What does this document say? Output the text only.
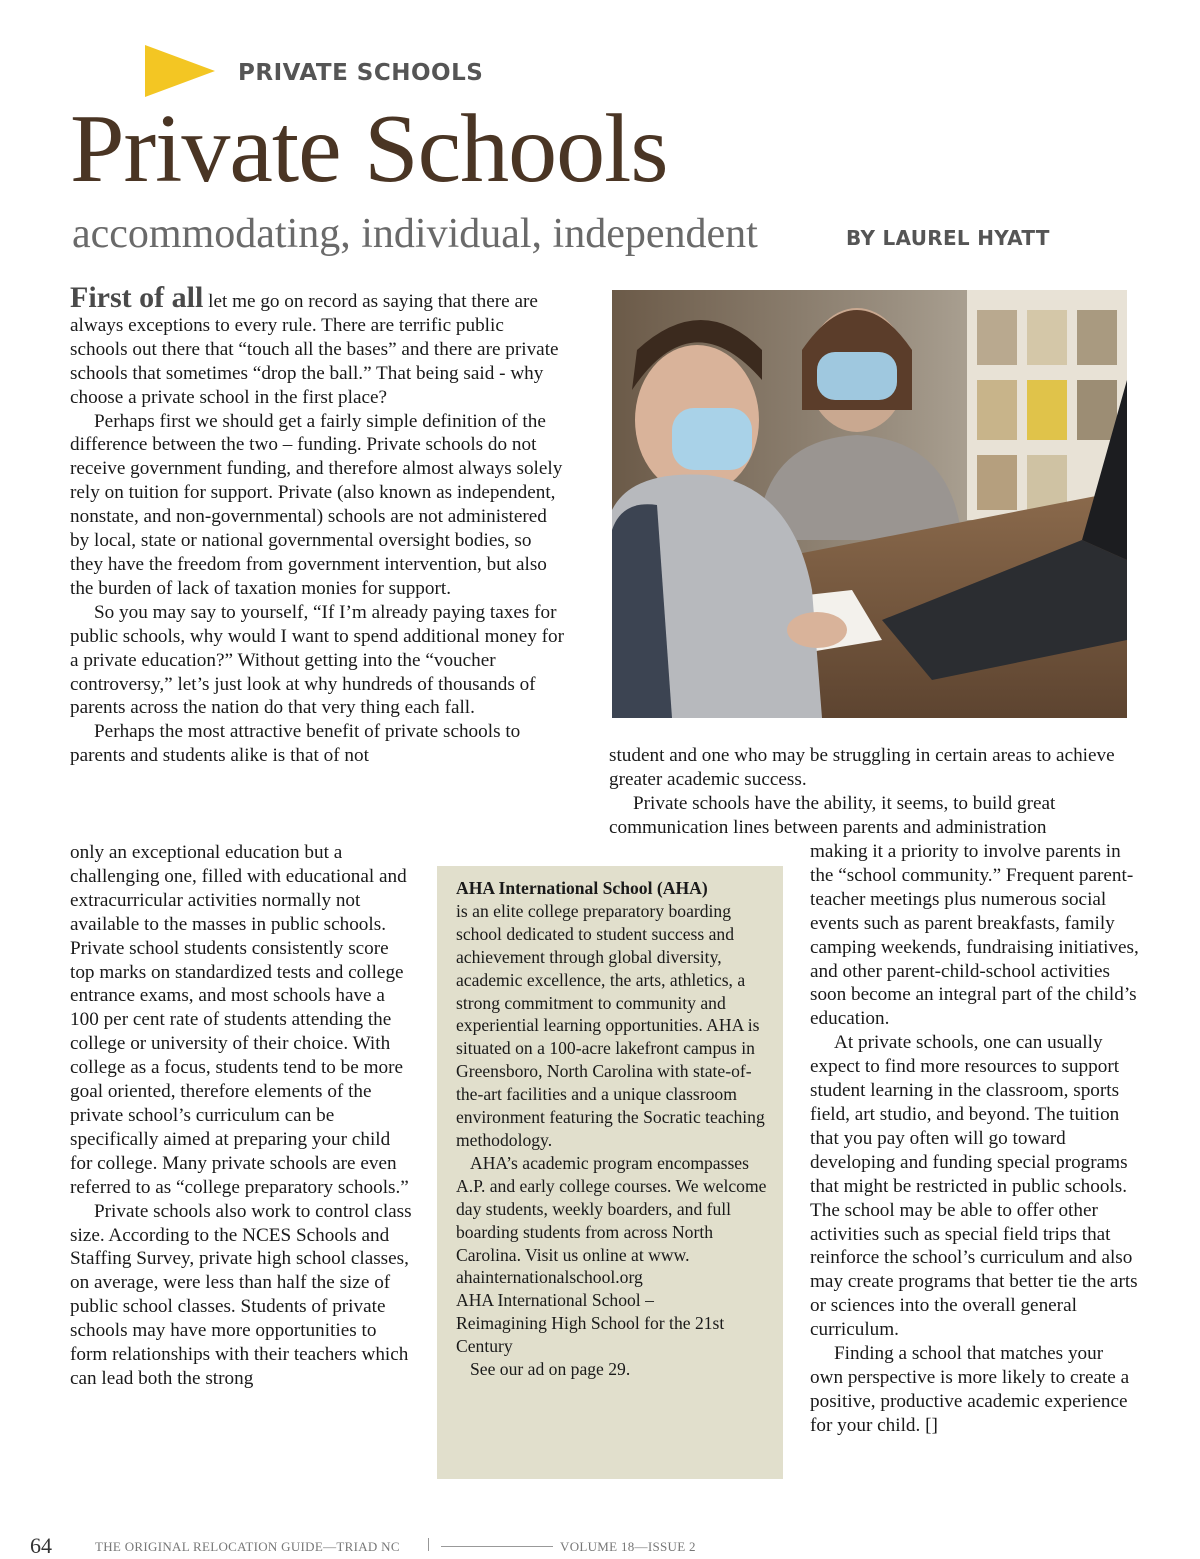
PRIVATE SCHOOLS
Private Schools
accommodating, individual, independent	BY LAUREL HYATT

First of all let me go on record as saying that there are always exceptions to every rule. There are terrific public schools out there that “touch all the bases” and there are private schools that sometimes “drop the ball.” That being said - why choose a private school in the first place?

Perhaps first we should get a fairly simple definition of the difference between the two – funding. Private schools do not receive government funding, and therefore almost always solely rely on tuition for support. Private (also known as independent, nonstate, and non-governmental) schools are not administered by local, state or national governmental oversight bodies, so they have the freedom from government intervention, but also the burden of lack of taxation monies for support.

So you may say to yourself, “If I’m already paying taxes for public schools, why would I want to spend additional money for a private education?” Without getting into the “voucher controversy,” let’s just look at why hundreds of thousands of parents across the nation do that very thing each fall.

Perhaps the most attractive benefit of private schools to parents and students alike is that of not

only an exceptional education but a challenging one, filled with educational and extracurricular activities normally not available to the masses in public schools. Private school students consistently score top marks on standardized tests and college entrance exams, and most schools have a 100 per cent rate of students attending the college or university of their choice. With college as a focus, students tend to be more goal oriented, therefore elements of the private school’s curriculum can be specifically aimed at preparing your child for college. Many private schools are even referred to as “college preparatory schools.”

Private schools also work to control class size. According to the NCES Schools and Staffing Survey, private high school classes, on average, were less than half the size of public school classes. Students of private schools may have more opportunities to form relationships with their teachers which can lead both the strong

student and one who may be struggling in certain areas to achieve greater academic success.

Private schools have the ability, it seems, to build great communication lines between parents and administration

making it a priority to involve parents in the “school community.” Frequent parent-teacher meetings plus numerous social events such as parent breakfasts, family camping weekends, fundraising initiatives, and other parent-child-school activities soon become an integral part of the child’s education.

At private schools, one can usually expect to find more resources to support student learning in the classroom, sports field, art studio, and beyond. The tuition that you pay often will go toward developing and funding special programs that might be restricted in public schools. The school may be able to offer other activities such as special field trips that reinforce the school’s curriculum and also may create programs that better tie the arts or sciences into the overall general curriculum.

Finding a school that matches your own perspective is more likely to create a positive, productive academic experience for your child. []

AHA International School (AHA)

is an elite college preparatory boarding school dedicated to student success and achievement through global diversity, academic excellence, the arts, athletics, a strong commitment to community and experiential learning opportunities. AHA is situated on a 100-acre lakefront campus in Greensboro, North Carolina with state-of-the-art facilities and a unique classroom environment featuring the Socratic teaching methodology.

AHA’s academic program encompasses A.P. and early college courses. We welcome day students, weekly boarders, and full boarding students from across North Carolina. Visit us online at www.

ahainternationalschool.org

AHA International School –

Reimagining High School for the 21st Century

See our ad on page 29.

64	THE ORIGINAL RELOCATION GUIDE—TRIAD NC |	VOLUME 18—ISSUE 2
